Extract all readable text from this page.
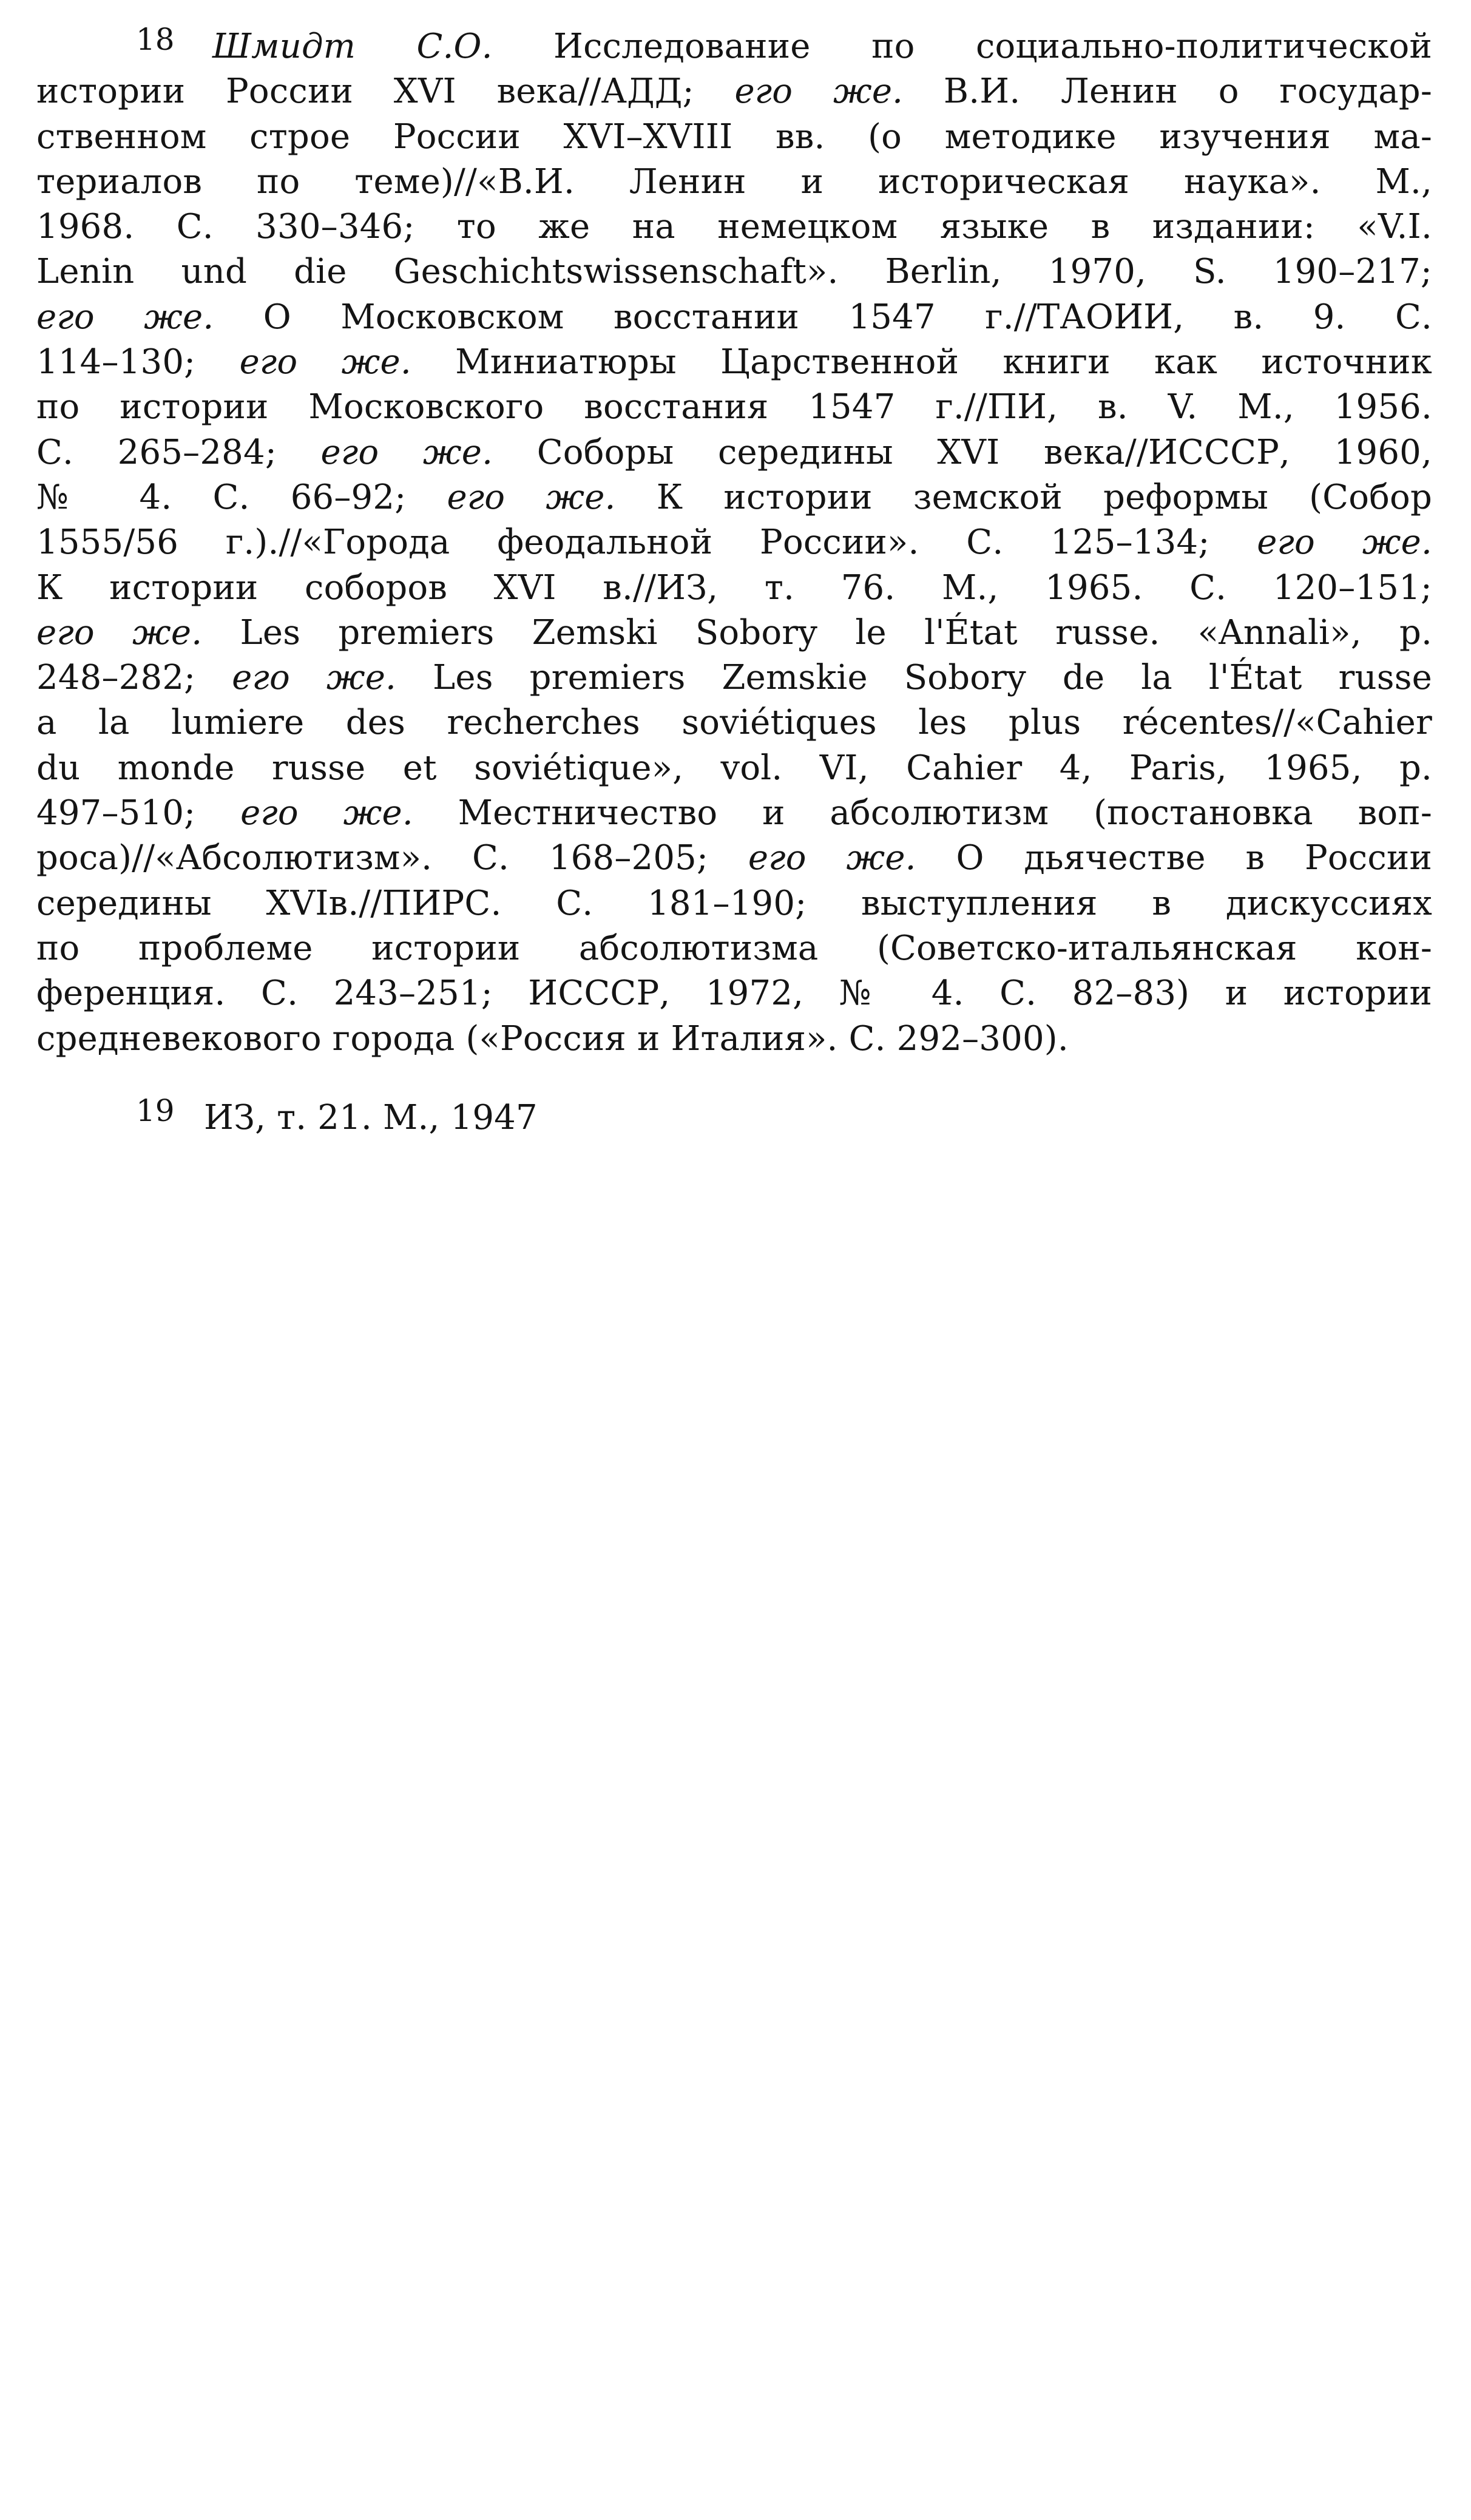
18	Шмидт С.О. Исследование по социально-политической
истории России XVI века//АДД; его же. В.И. Ленин о государ-
ственном строе России XVI–XVIII вв. (о методике изучения ма-
териалов по теме)//«В.И. Ленин и историческая наука». М.,
1968. С. 330–346; то же на немецком языке в издании: «V.I.
Lenin und die Geschichtswissenschaft». Berlin, 1970, S. 190–217;
его же. О Московском восстании 1547 г.//ТАОИИ, в. 9. С.
114–130; его же. Миниатюры Царственной книги как источник
по истории Московского восстания 1547 г.//ПИ, в. V. М., 1956.
С. 265–284; его же. Соборы середины XVI века//ИСССР, 1960,
№ 4. С. 66–92; его же. К истории земской реформы (Собор
1555/56 г.).//«Города феодальной России». С. 125–134; его же.
К истории соборов XVI в.//ИЗ, т. 76. М., 1965. С. 120–151;
его же. Les premiers Zemski Sobory le l'État russe. «Annali», p.
248–282; его же. Les premiers Zemskie Sobory de la l'État russe
a la lumiere des recherches soviétiques les plus récentes//«Cahier
du monde russe et soviétique», vol. VI, Cahier 4, Paris, 1965, p.
497–510; его же. Местничество и абсолютизм (постановка воп-
роса)//«Абсолютизм». С. 168–205; его же. О дьячестве в России
середины XVIв.//ПИРС. С. 181–190; выступления в дискуссиях
по проблеме истории абсолютизма (Советско-итальянская кон-
ференция. С. 243–251; ИСССР, 1972, № 4. С. 82–83) и истории
средневекового города («Россия и Италия». С. 292–300).
19 ИЗ, т. 21. М., 1947
